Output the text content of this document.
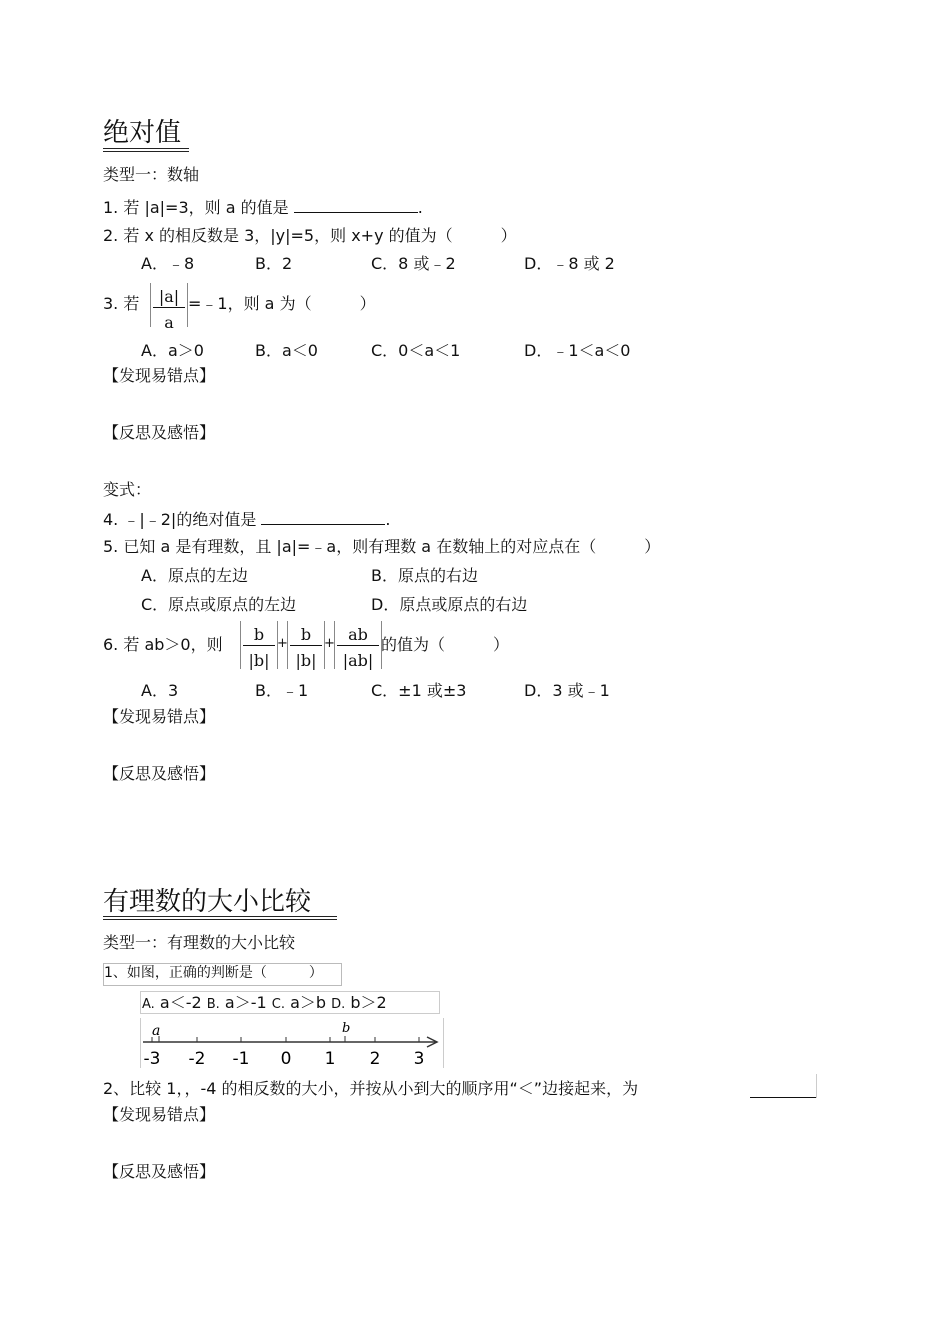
绝对值
类型一：数轴
1. 若 |a|=3，则 a 的值是	.
2. 若 x 的相反数是 3，|y|=5，则 x+y 的值为（　　　）
A．﹣8	B．2	C．8 或﹣2	D．﹣8 或 2
3. 若	|a|
a
=﹣1，则 a 为（　　　）
A．a＞0	B．a＜0	C．0＜a＜1	D．﹣1＜a＜0
【发现易错点】
【反思及感悟】
变式：
4. ﹣|﹣2|的绝对值是	.
5. 已知 a 是有理数，且 |a|=﹣a，则有理数 a 在数轴上的对应点在（　　　）
A．原点的左边	B．原点的右边
C．原点或原点的左边	D．原点或原点的右边
6. 若 ab＞0，则
b
|b|
+ b
|b|
+ ab
|ab|
的值为（　　　）
A．3	B．﹣1	C．±1 或±3	D．3 或﹣1
【发现易错点】
【反思及感悟】
有理数的大小比较
类型一：有理数的大小比较
1、如图，正确的判断是（　　　）
A. a＜-2 B. a＞-1 C. a＞b D. b＞2
a	b
-3 -2 -1 0 1 2 3
2、比较 1，，-4 的相反数的大小，并按从小到大的顺序用“＜”边接起来，为
【发现易错点】
【反思及感悟】
